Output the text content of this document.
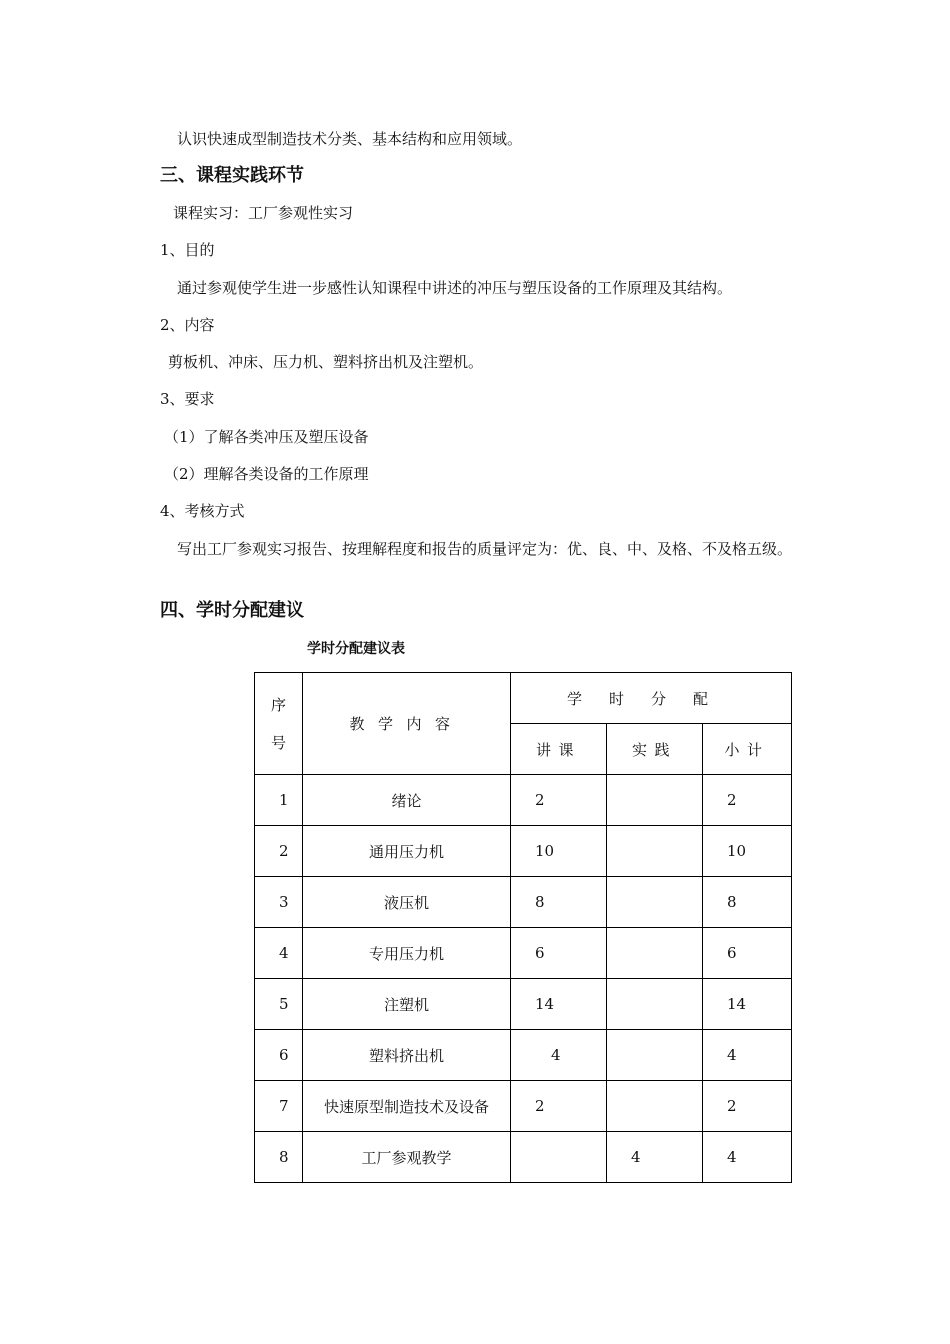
认识快速成型制造技术分类、基本结构和应用领域。
三、课程实践环节
课程实习：工厂参观性实习
1、目的
通过参观使学生进一步感性认知课程中讲述的冲压与塑压设备的工作原理及其结构。
2、内容
剪板机、冲床、压力机、塑料挤出机及注塑机。
3、要求
（1）了解各类冲压及塑压设备
（2）理解各类设备的工作原理
4、考核方式
写出工厂参观实习报告、按理解程度和报告的质量评定为：优、良、中、及格、不及格五级。
四、学时分配建议
学时分配建议表
序
号	教学内容	学时分配		
		讲课	实践	小计
1	绪论	2		2
2	通用压力机	10		10
3	液压机	8		8
4	专用压力机	6		6
5	注塑机	14		14
6	塑料挤出机	4		4
7	快速原型制造技术及设备	2		2
8	工厂参观教学		4	4
